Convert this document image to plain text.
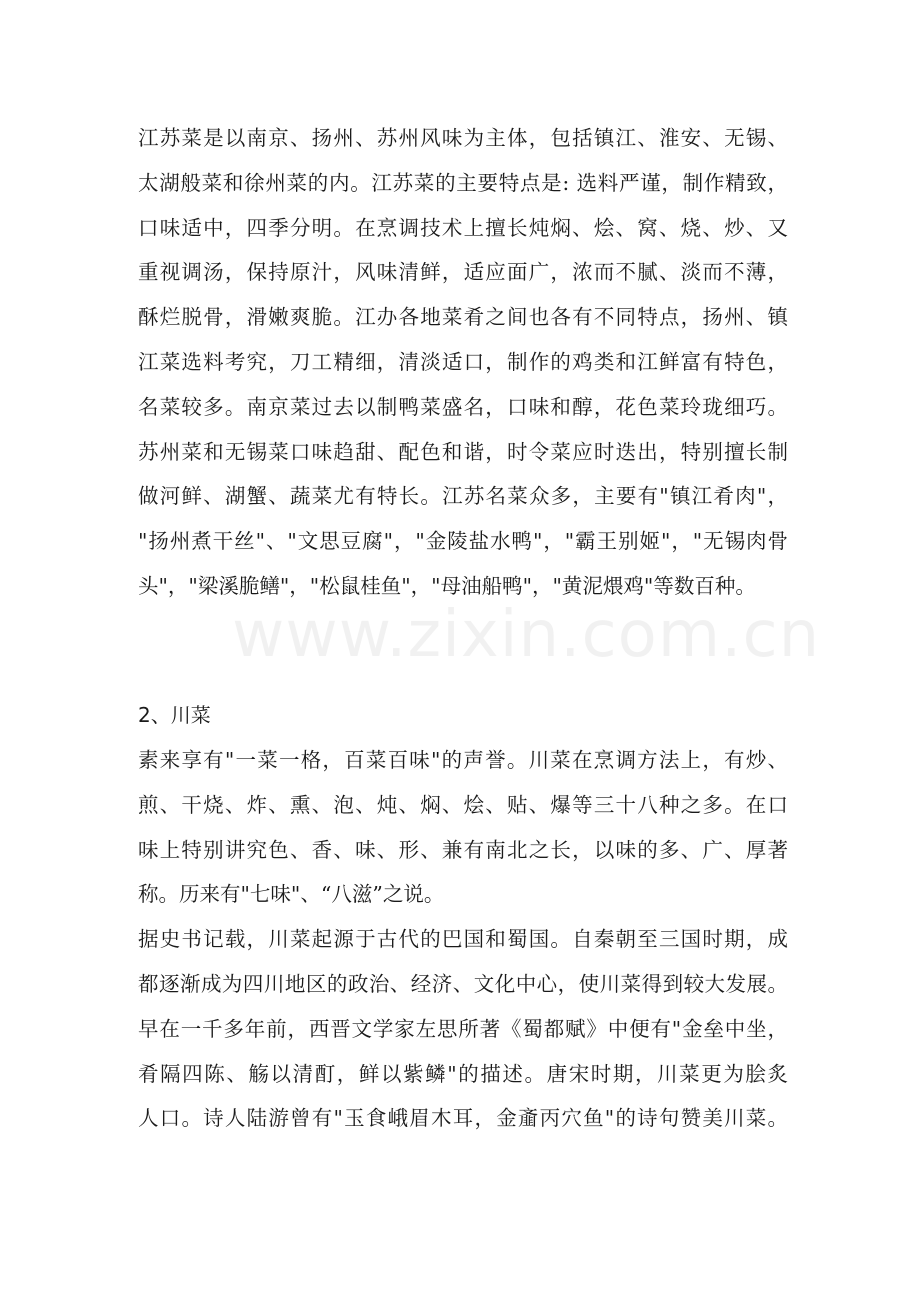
www.zixin.com.cn
江苏菜是以南京、扬州、苏州风味为主体，包括镇江、淮安、无锡、
太湖般菜和徐州菜的内。江苏菜的主要特点是: 选料严谨，制作精致，
口味适中，四季分明。在烹调技术上擅长炖焖、烩、窝、烧、炒、又
重视调汤，保持原汁，风味清鲜，适应面广，浓而不腻、淡而不薄，
酥烂脱骨，滑嫩爽脆。江办各地菜肴之间也各有不同特点，扬州、镇
江菜选料考究，刀工精细，清淡适口，制作的鸡类和江鲜富有特色，
名菜较多。南京菜过去以制鸭菜盛名，口味和醇，花色菜玲珑细巧。
苏州菜和无锡菜口味趋甜、配色和谐，时令菜应时迭出，特别擅长制
做河鲜、湖蟹、蔬菜尤有特长。江苏名菜众多，主要有"镇江肴肉"，
"扬州煮干丝"、"文思豆腐"，"金陵盐水鸭"，"霸王别姬"，"无锡肉骨
头"，"梁溪脆鳝"，"松鼠桂鱼"，"母油船鸭"，"黄泥煨鸡"等数百种。
2、川菜
素来享有"一菜一格，百菜百味"的声誉。川菜在烹调方法上，有炒、
煎、干烧、炸、熏、泡、炖、焖、烩、贴、爆等三十八种之多。在口
味上特别讲究色、香、味、形、兼有南北之长，以味的多、广、厚著
称。历来有"七味"、“八滋”之说。
据史书记载，川菜起源于古代的巴国和蜀国。自秦朝至三国时期，成
都逐渐成为四川地区的政治、经济、文化中心，使川菜得到较大发展。
早在一千多年前，西晋文学家左思所著《蜀都赋》中便有"金垒中坐，
肴隔四陈、觞以清酊，鲜以紫鳞"的描述。唐宋时期，川菜更为脍炙
人口。诗人陆游曾有"玉食峨眉木耳，金齑丙穴鱼"的诗句赞美川菜。
